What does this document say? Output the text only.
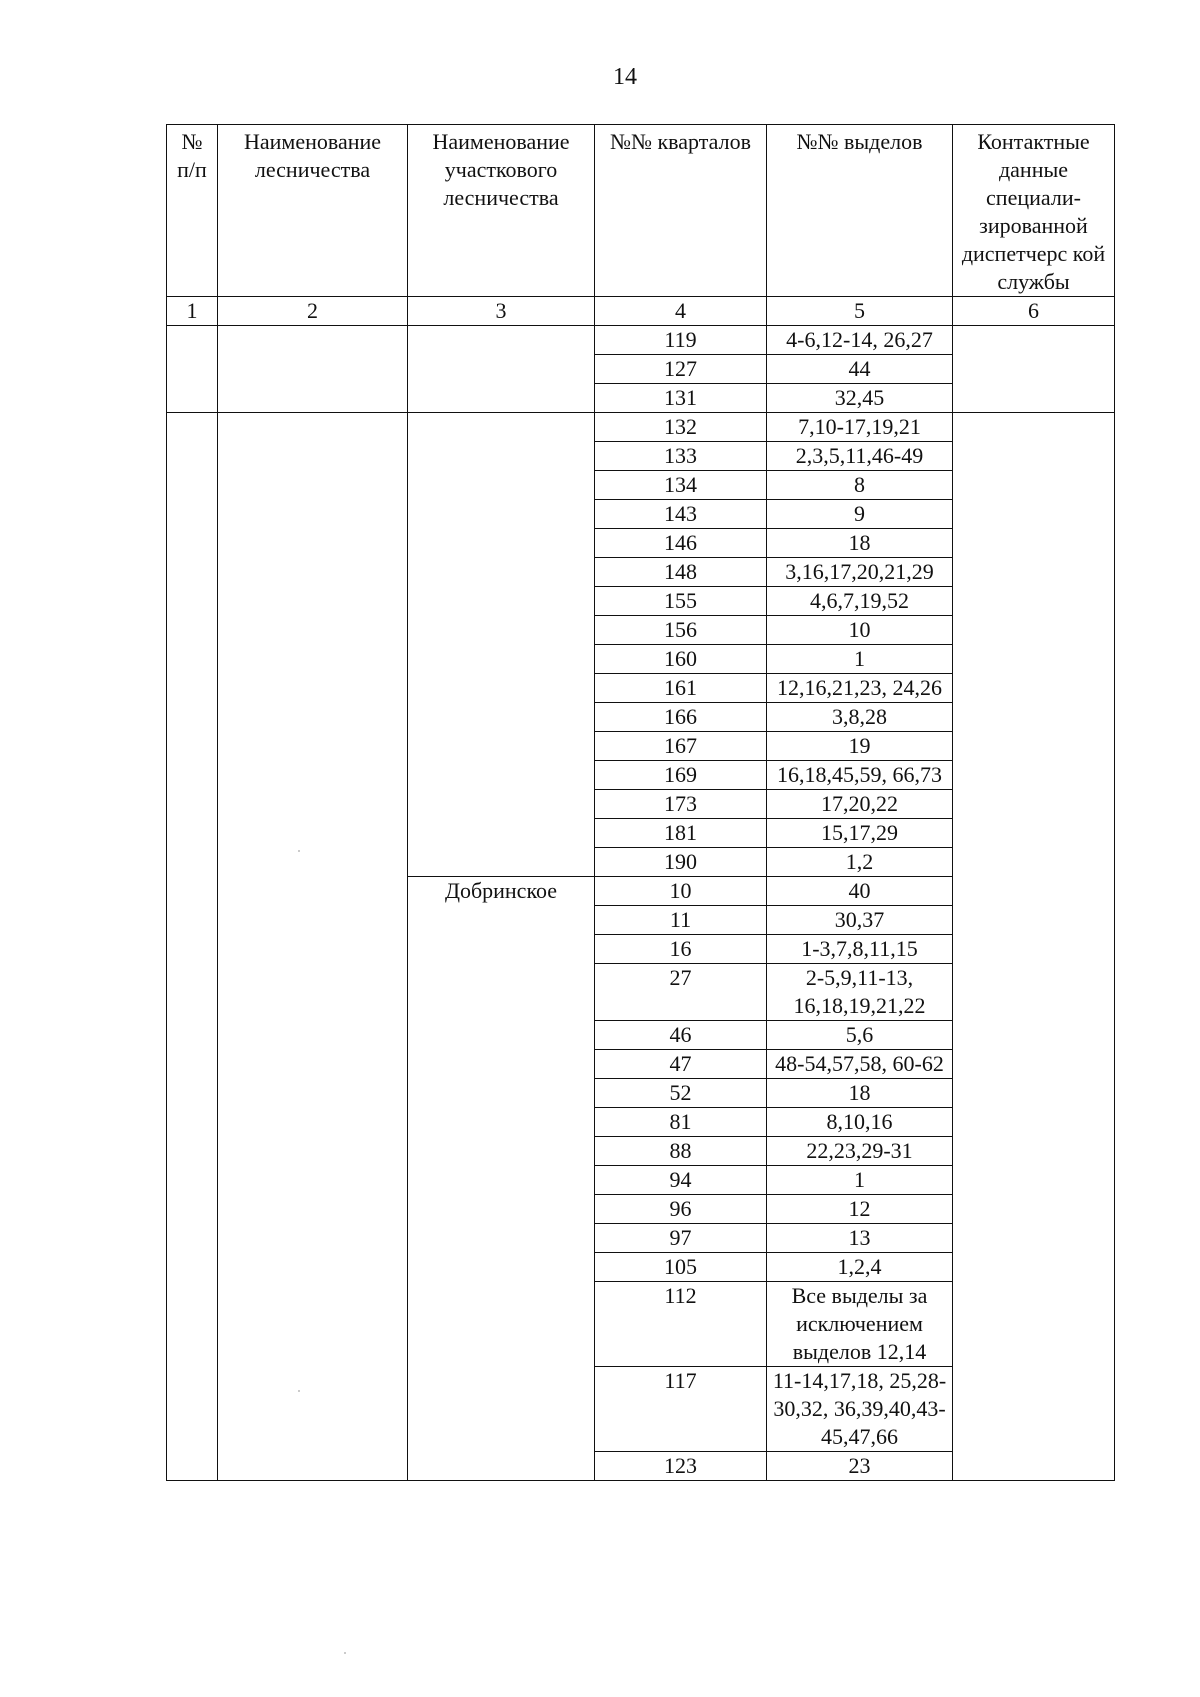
14
№ п/п	Наименование лесничества	Наименование участкового лесничества	№№ кварталов	№№ выделов	Контактные данные специали-зированной диспетчерс кой службы
1	2	3	4	5	6
			119	4-6,12-14, 26,27	
			127	44	
			131	32,45	
			132	7,10-17,19,21	
			133	2,3,5,11,46-49	
			134	8	
			143	9	
			146	18	
			148	3,16,17,20,21,29	
			155	4,6,7,19,52	
			156	10	
			160	1	
			161	12,16,21,23, 24,26	
			166	3,8,28	
			167	19	
			169	16,18,45,59, 66,73	
			173	17,20,22	
			181	15,17,29	
			190	1,2	
		Добринское	10	40	
			11	30,37	
			16	1-3,7,8,11,15	
			27	2-5,9,11-13, 16,18,19,21,22	
			46	5,6	
			47	48-54,57,58, 60-62	
			52	18	
			81	8,10,16	
			88	22,23,29-31	
			94	1	
			96	12	
			97	13	
			105	1,2,4	
			112	Все выделы за исключением выделов 12,14	
			117	11-14,17,18, 25,28-30,32, 36,39,40,43-45,47,66	
			123	23	
